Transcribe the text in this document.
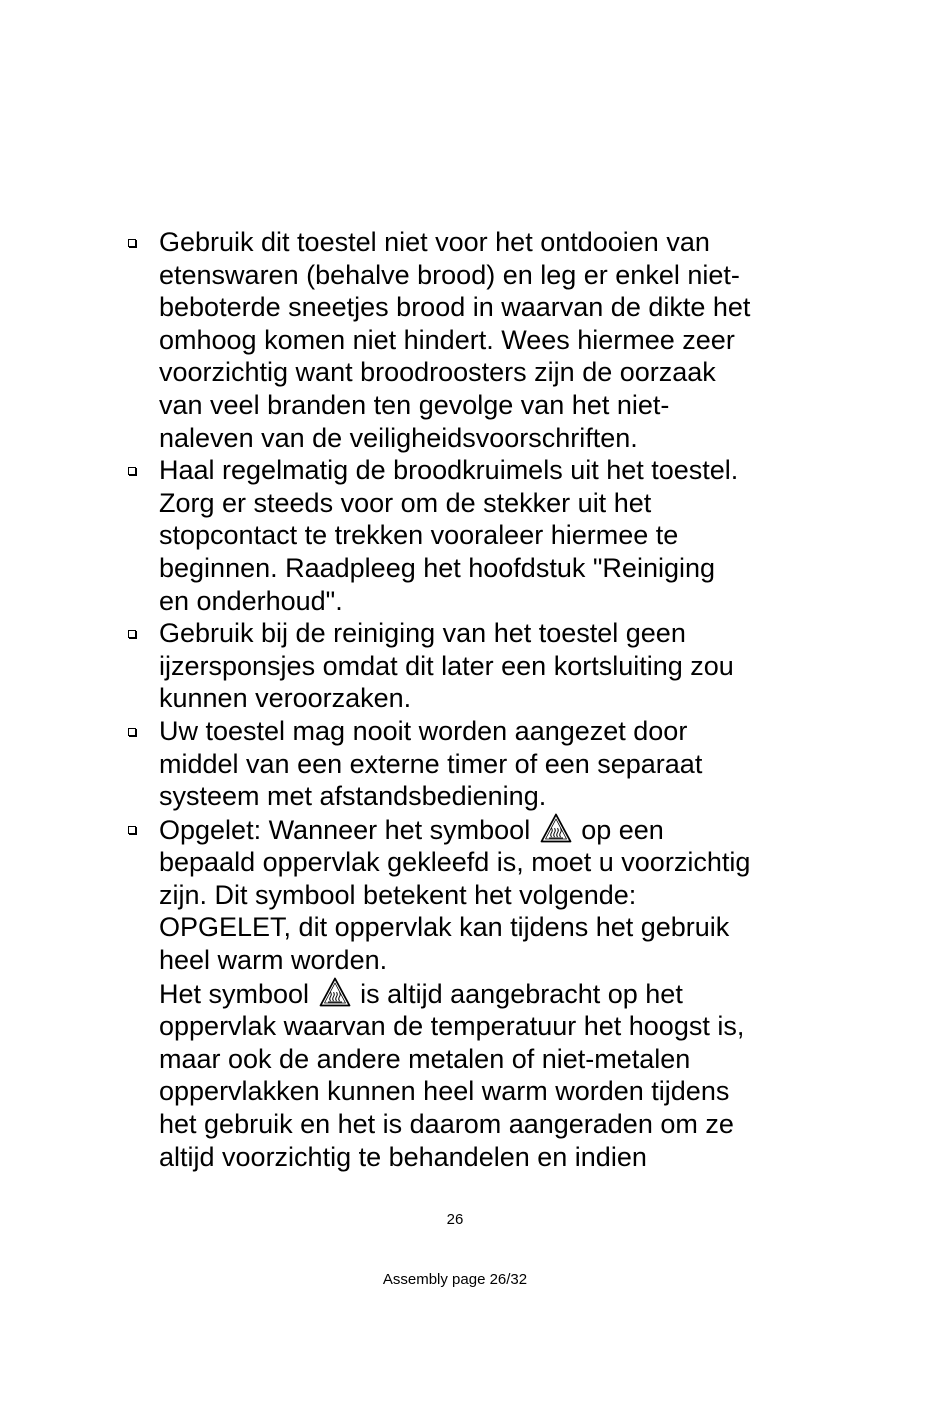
Gebruik dit toestel niet voor het ontdooien van
etenswaren (behalve brood) en leg er enkel niet-
beboterde sneetjes brood in waarvan de dikte het
omhoog komen niet hindert. Wees hiermee zeer
voorzichtig want broodroosters zijn de oorzaak
van veel branden ten gevolge van het niet-
naleven van de veiligheidsvoorschriften.
Haal regelmatig de broodkruimels uit het toestel.
Zorg er steeds voor om de stekker uit het
stopcontact te trekken vooraleer hiermee te
beginnen. Raadpleeg het hoofdstuk "Reiniging
en onderhoud".
Gebruik bij de reiniging van het toestel geen
ijzersponsjes omdat dit later een kortsluiting zou
kunnen veroorzaken.
Uw toestel mag nooit worden aangezet door
middel van een externe timer of een separaat
systeem met afstandsbediening.
Opgelet: Wanneer het symbool op een
bepaald oppervlak gekleefd is, moet u voorzichtig
zijn. Dit symbool betekent het volgende:
OPGELET, dit oppervlak kan tijdens het gebruik
heel warm worden.
Het symbool is altijd aangebracht op het
oppervlak waarvan de temperatuur het hoogst is,
maar ook de andere metalen of niet-metalen
oppervlakken kunnen heel warm worden tijdens
het gebruik en het is daarom aangeraden om ze
altijd voorzichtig te behandelen en indien
26
Assembly page 26/32
